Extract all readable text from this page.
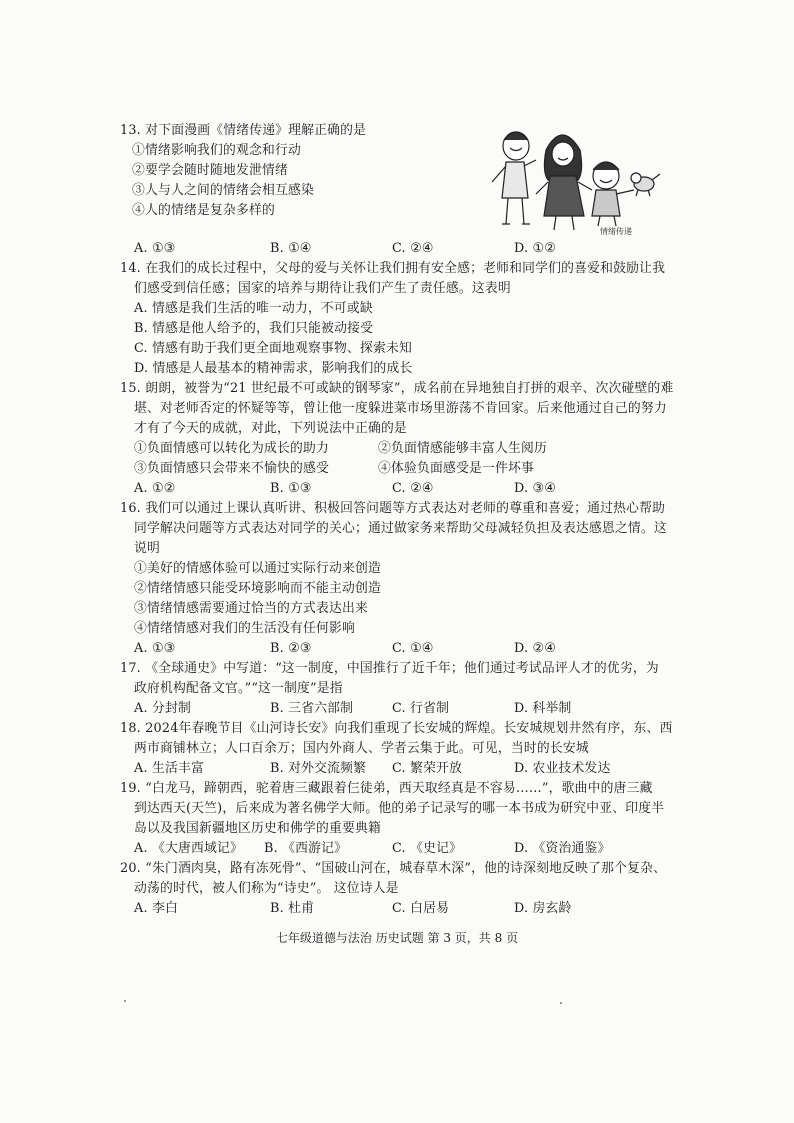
13. 对下面漫画《情绪传递》理解正确的是
①情绪影响我们的观念和行动
②要学会随时随地发泄情绪
③人与人之间的情绪会相互感染
④人的情绪是复杂多样的
情绪传递
A. ①③	B. ①④	C. ②④	D. ①②
14. 在我们的成长过程中，父母的爱与关怀让我们拥有安全感；老师和同学们的喜爱和鼓励让我
们感受到信任感；国家的培养与期待让我们产生了责任感。这表明
A. 情感是我们生活的唯一动力，不可或缺
B. 情感是他人给予的，我们只能被动接受
C. 情感有助于我们更全面地观察事物、探索未知
D. 情感是人最基本的精神需求，影响我们的成长
15. 朗朗，被誉为“21 世纪最不可或缺的钢琴家”，成名前在异地独自打拼的艰辛、次次碰壁的难
堪、对老师否定的怀疑等等，曾让他一度躲进菜市场里游荡不肯回家。后来他通过自己的努力
才有了今天的成就，对此，下列说法中正确的是
①负面情感可以转化为成长的助力	②负面情感能够丰富人生阅历
③负面情感只会带来不愉快的感受	④体验负面感受是一件坏事
A. ①②	B. ①③	C. ②④	D. ③④
16. 我们可以通过上课认真听讲、积极回答问题等方式表达对老师的尊重和喜爱；通过热心帮助
同学解决问题等方式表达对同学的关心；通过做家务来帮助父母减轻负担及表达感恩之情。这
说明
①美好的情感体验可以通过实际行动来创造
②情绪情感只能受环境影响而不能主动创造
③情绪情感需要通过恰当的方式表达出来
④情绪情感对我们的生活没有任何影响
A. ①③	B. ②③	C. ①④	D. ②④
17. 《全球通史》中写道：“这一制度，中国推行了近千年；他们通过考试品评人才的优劣，为
政府机构配备文官。”“这一制度”是指
A. 分封制	B. 三省六部制	C. 行省制	D. 科举制
18. 2024年春晚节目《山河诗长安》向我们重现了长安城的辉煌。长安城规划井然有序，东、西
两市商铺林立；人口百余万；国内外商人、学者云集于此。可见，当时的长安城
A. 生活丰富	B. 对外交流频繁 C. 繁荣开放	D. 农业技术发达
19. “白龙马，蹄朝西，驼着唐三藏跟着仨徒弟，西天取经真是不容易……”，歌曲中的唐三藏
到达西天(天竺)，后来成为著名佛学大师。他的弟子记录写的哪一本书成为研究中亚、印度半
岛以及我国新疆地区历史和佛学的重要典籍
A. 《大唐西域记》 B. 《西游记》	C. 《史记》	D. 《资治通鉴》
20. “朱门酒肉臭，路有冻死骨”、“国破山河在，城春草木深”，他的诗深刻地反映了那个复杂、
动荡的时代，被人们称为“诗史”。 这位诗人是
A. 李白	B. 杜甫	C. 白居易	D. 房玄龄
七年级道德与法治 历史试题 第 3 页，共 8 页
